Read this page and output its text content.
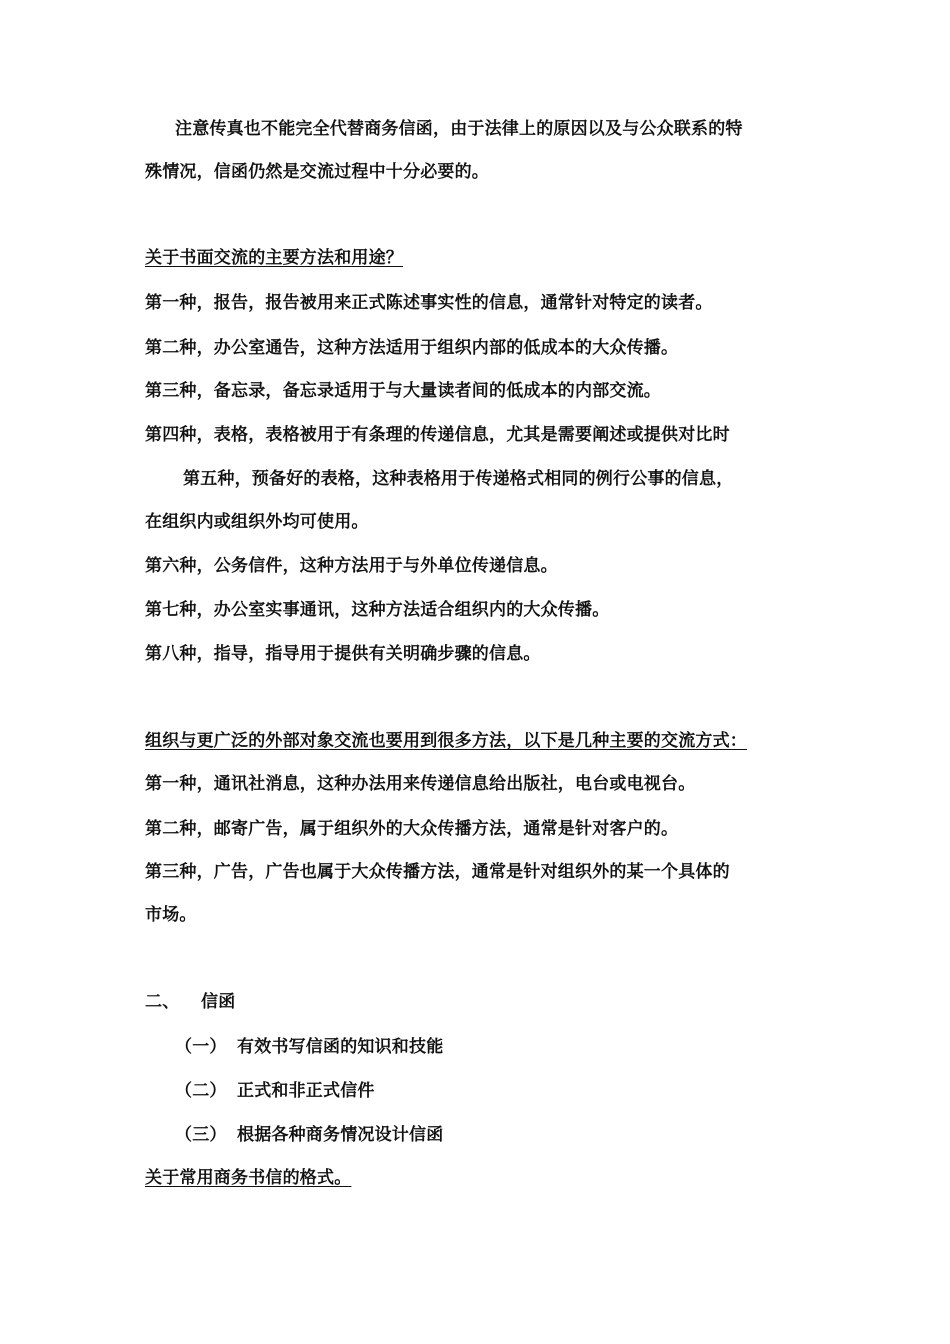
注意传真也不能完全代替商务信函，由于法律上的原因以及与公众联系的特
殊情况，信函仍然是交流过程中十分必要的。
关于书面交流的主要方法和用途？
第一种，报告，报告被用来正式陈述事实性的信息，通常针对特定的读者。
第二种，办公室通告，这种方法适用于组织内部的低成本的大众传播。
第三种，备忘录，备忘录适用于与大量读者间的低成本的内部交流。
第四种，表格，表格被用于有条理的传递信息，尤其是需要阐述或提供对比时
第五种，预备好的表格，这种表格用于传递格式相同的例行公事的信息，
在组织内或组织外均可使用。
第六种，公务信件，这种方法用于与外单位传递信息。
第七种，办公室实事通讯，这种方法适合组织内的大众传播。
第八种，指导，指导用于提供有关明确步骤的信息。
组织与更广泛的外部对象交流也要用到很多方法，以下是几种主要的交流方式：
第一种，通讯社消息，这种办法用来传递信息给出版社，电台或电视台。
第二种，邮寄广告，属于组织外的大众传播方法，通常是针对客户的。
第三种，广告，广告也属于大众传播方法，通常是针对组织外的某一个具体的
市场。
二、 信函
（一） 有效书写信函的知识和技能
（二） 正式和非正式信件
（三） 根据各种商务情况设计信函
关于常用商务书信的格式。
